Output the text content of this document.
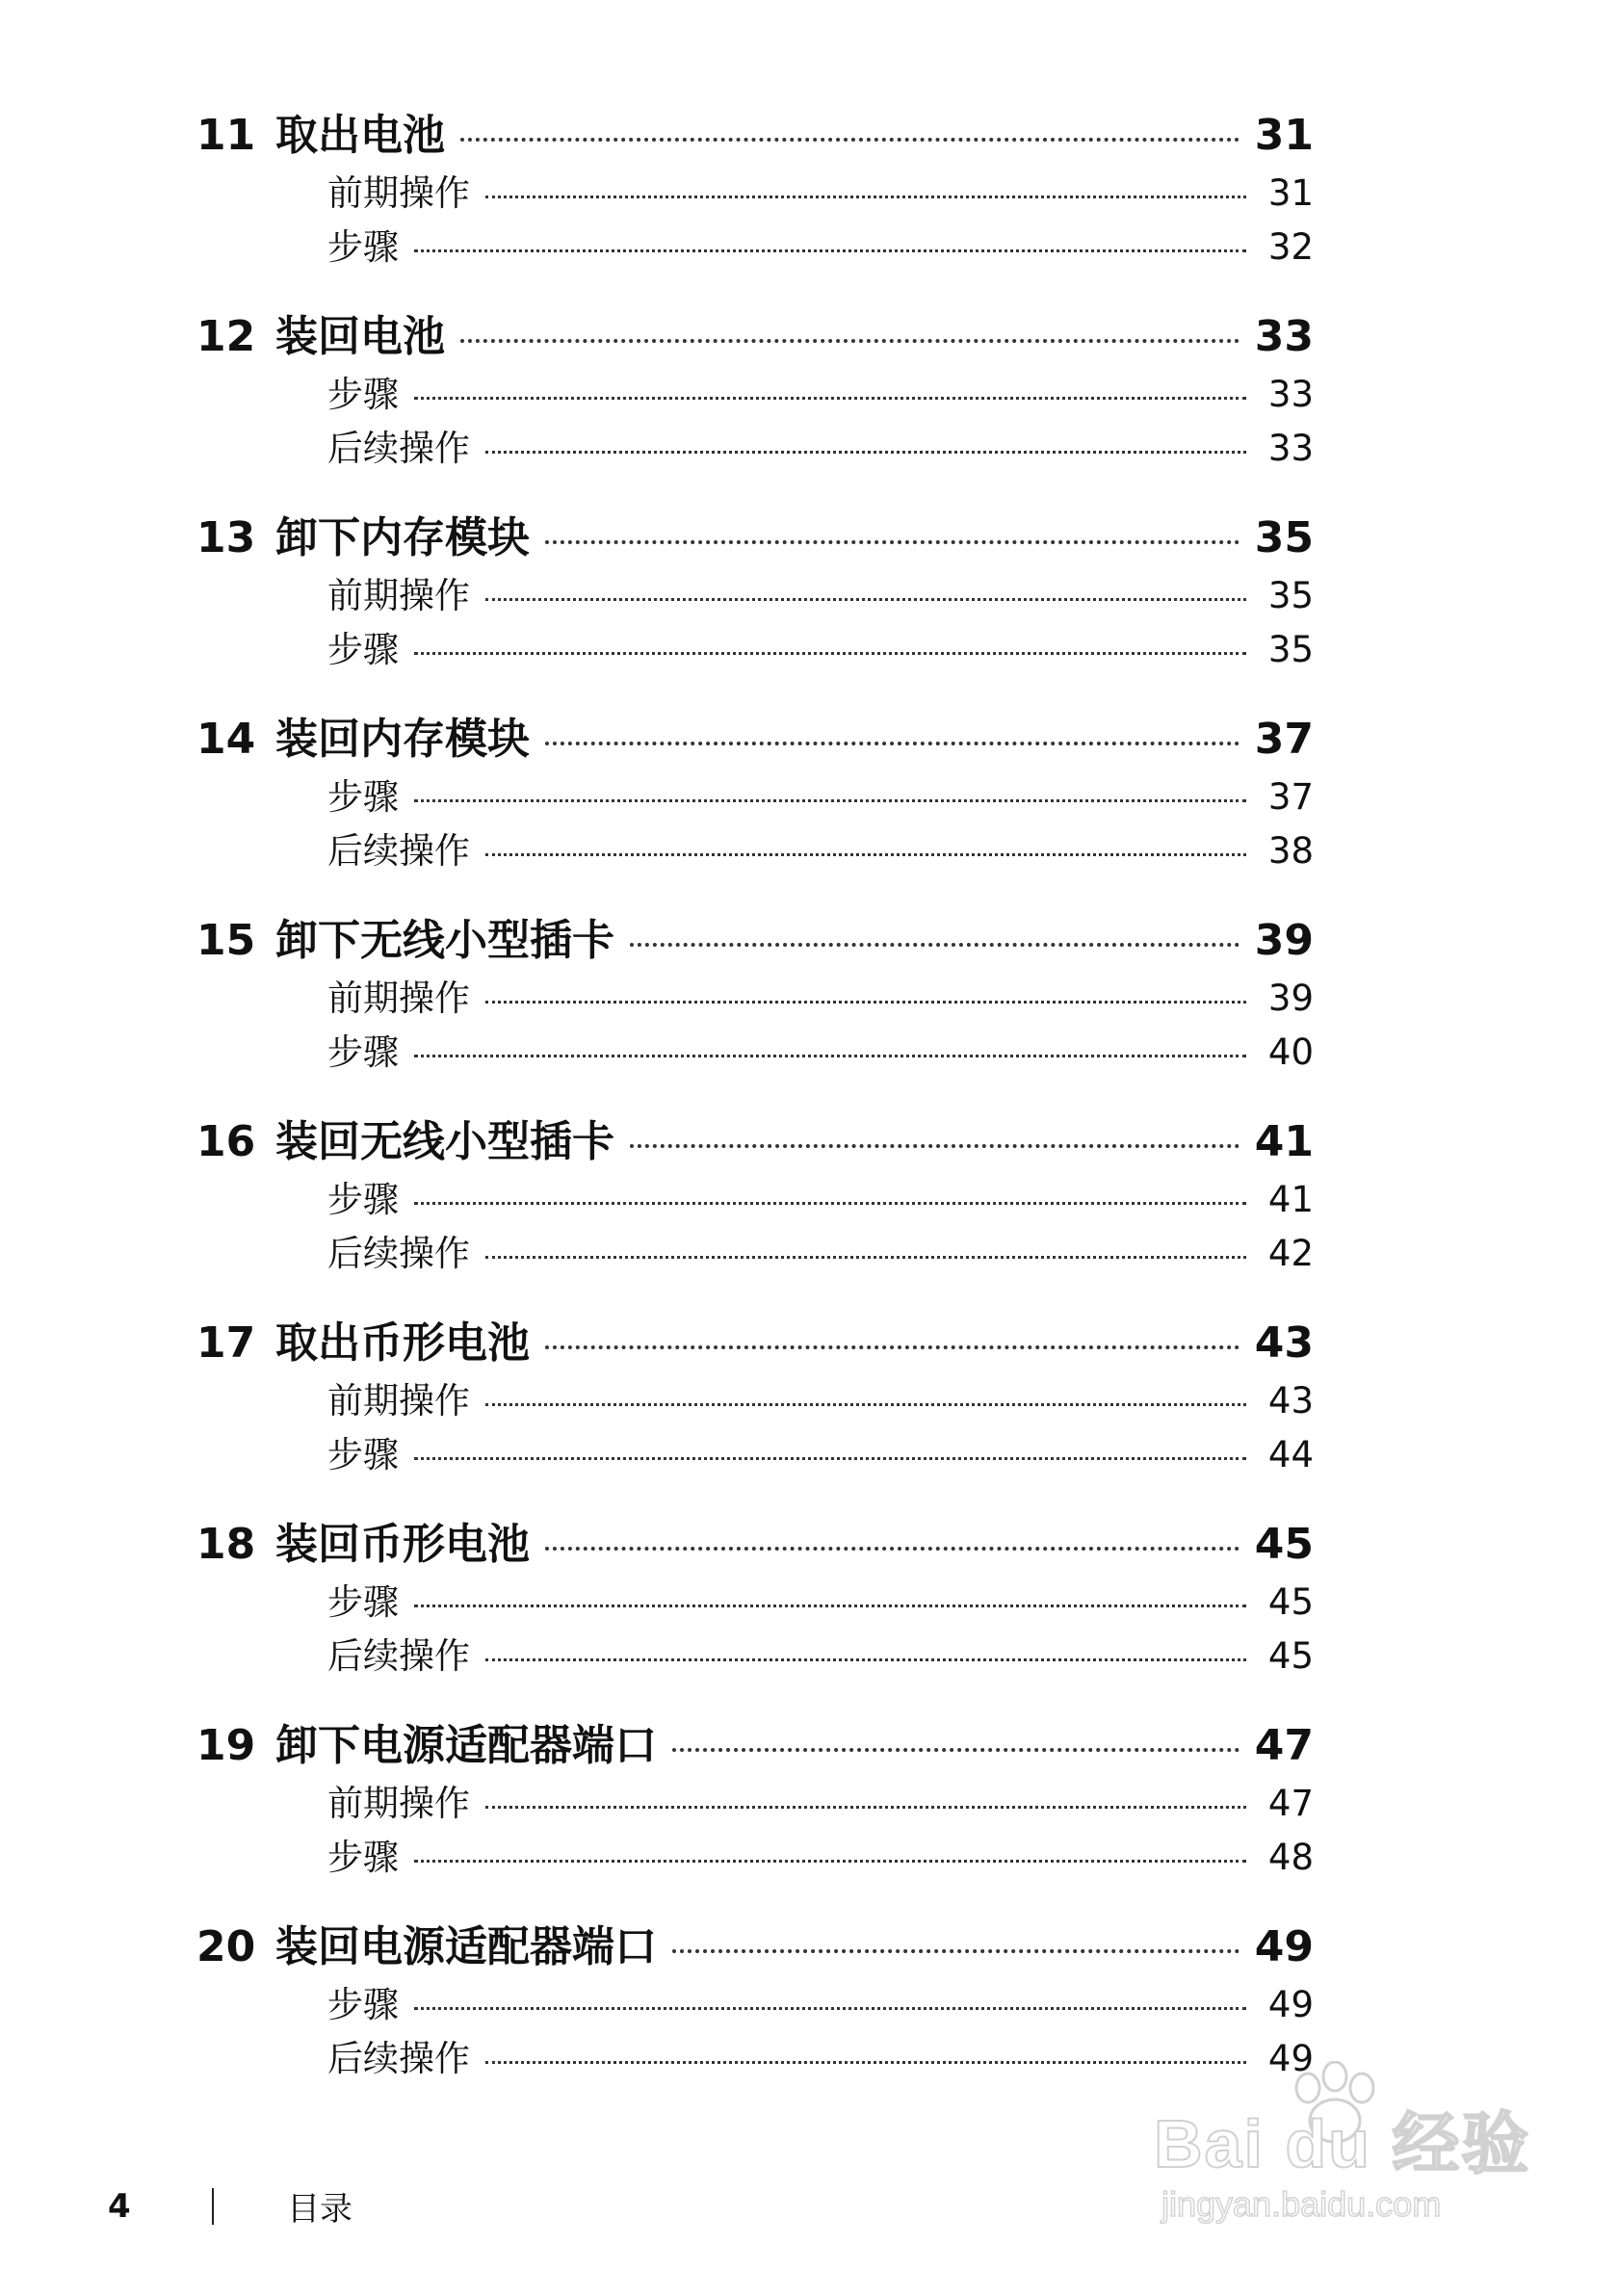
11 取出电池	31
前期操作	31
步骤	32
12 装回电池	33
步骤	33
后续操作	33
13 卸下内存模块	35
前期操作	35
步骤	35
14 装回内存模块	37
步骤	37
后续操作	38
15 卸下无线小型插卡	39
前期操作	39
步骤	40
16 装回无线小型插卡	41
步骤	41
后续操作	42
17 取出币形电池	43
前期操作	43
步骤	44
18 装回币形电池	45
步骤	45
后续操作	45
19 卸下电源适配器端口	47
前期操作	47
步骤	48
20 装回电源适配器端口	49
步骤	49
后续操作	49
4	目录
Bai du 经验
jingyan.baidu.com
